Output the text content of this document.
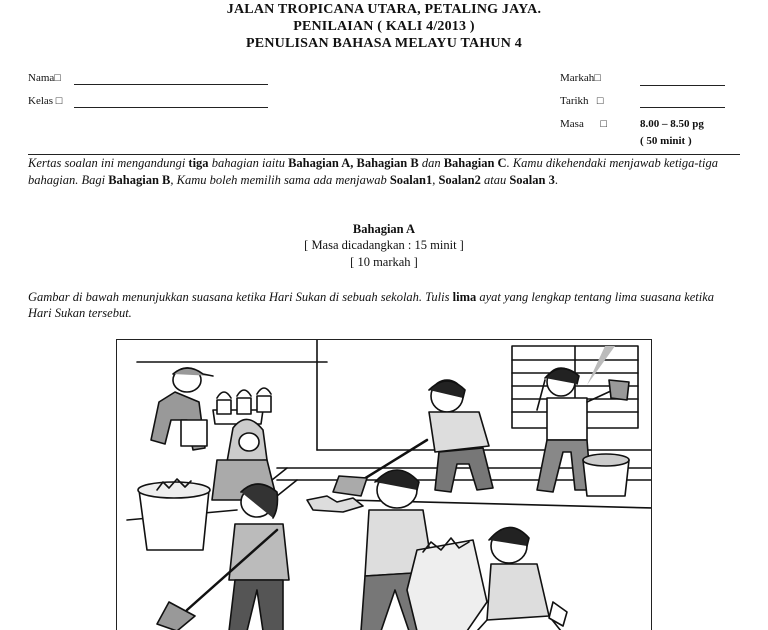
JALAN TROPICANA UTARA, PETALING JAYA.
PENILAIAN ( KALI 4/2013 )
PENULISAN BAHASA MELAYU TAHUN 4
Nama□
Kelas □
Markah□
Tarikh □
Masa □	8.00 – 8.50 pg
( 50 minit )
Kertas soalan ini mengandungi tiga bahagian iaitu Bahagian A, Bahagian B dan Bahagian C. Kamu dikehendaki menjawab ketiga-tiga bahagian. Bagi Bahagian B, Kamu boleh memilih sama ada menjawab Soalan1, Soalan2 atau Soalan 3.
Bahagian A
[ Masa dicadangkan : 15 minit ]
[ 10 markah ]
Gambar di bawah menunjukkan suasana ketika Hari Sukan di sebuah sekolah. Tulis lima ayat yang lengkap tentang lima suasana ketika Hari Sukan tersebut.
